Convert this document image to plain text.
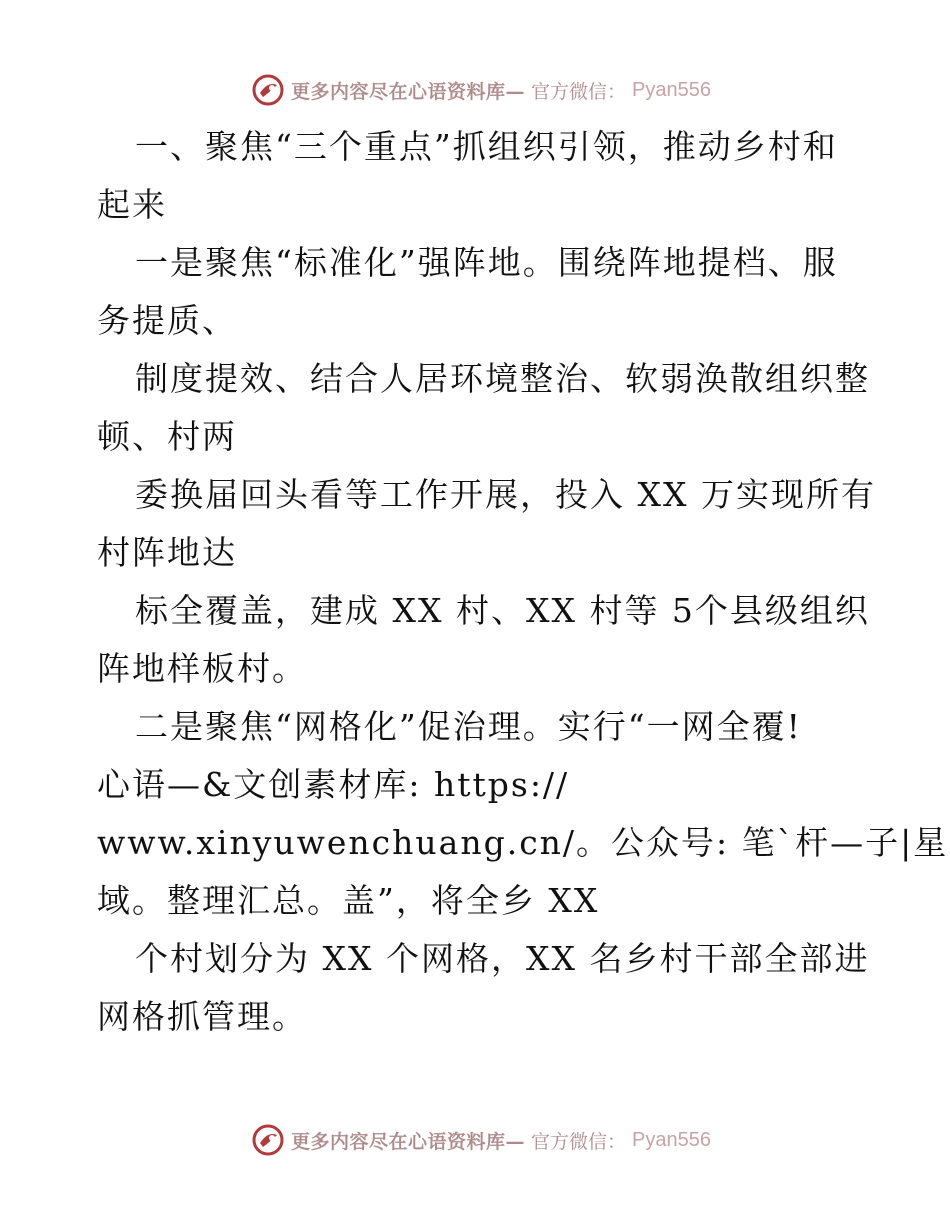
更多内容尽在心语资料库— 官方微信： Pyan556
一、聚焦“三个重点”抓组织引领，推动乡村和
起来
一是聚焦“标准化”强阵地。围绕阵地提档、服
务提质、
制度提效、结合人居环境整治、软弱涣散组织整
顿、村两
委换届回头看等工作开展，投入 XX 万实现所有
村阵地达
标全覆盖，建成 XX 村、XX 村等 5个县级组织
阵地样板村。
二是聚焦“网格化”促治理。实行“一网全覆!
心语—&文创素材库: https://
www.xinyuwenchuang.cn/。公众号: 笔`杆—子|星
域。整理汇总。盖”，将全乡 XX
个村划分为 XX 个网格，XX 名乡村干部全部进
网格抓管理。
更多内容尽在心语资料库— 官方微信： Pyan556
